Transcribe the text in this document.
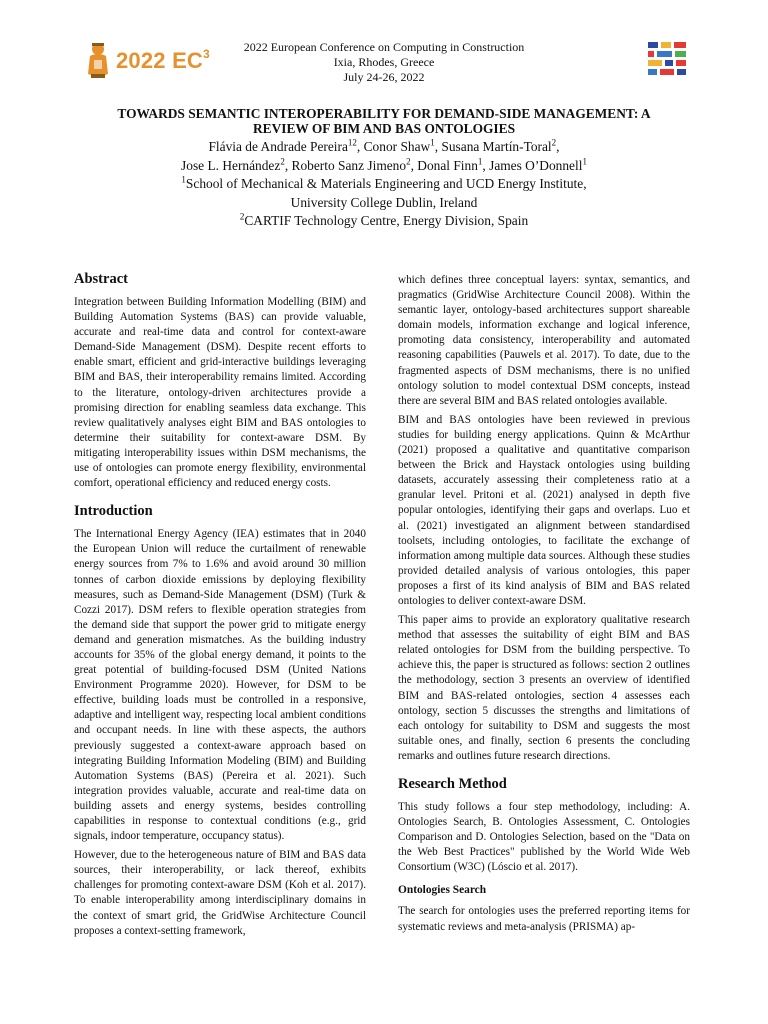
2022 $EC^3$	2022 European Conference on Computing in Construction
Ixia, Rhodes, Greece
July 24-26, 2022
TOWARDS SEMANTIC INTEROPERABILITY FOR DEMAND-SIDE MANAGEMENT: A
REVIEW OF BIM AND BAS ONTOLOGIES
Flávia de Andrade Pereira$^{12}$, Conor Shaw$^1$, Susana Martín-Toral$^2$,
Jose L. Hernández$^2$, Roberto Sanz Jimeno$^2$, Donal Finn$^1$, James O’Donnell$^1$
$^1$School of Mechanical & Materials Engineering and UCD Energy Institute,
University College Dublin, Ireland
$^2$CARTIF Technology Centre, Energy Division, Spain
Abstract

Integration between Building Information Modelling (BIM) and Building Automation Systems (BAS) can provide valuable, accurate and real-time data and control for context-aware Demand-Side Management (DSM). Despite recent efforts to enable smart, efficient and grid-interactive buildings leveraging BIM and BAS, their interoperability remains limited. According to the literature, ontology-driven architectures provide a promising direction for enabling seamless data exchange. This review qualitatively analyses eight BIM and BAS ontologies to determine their suitability for context-aware DSM. By mitigating interoperability issues within DSM mechanisms, the use of ontologies can promote energy flexibility, environmental comfort, operational efficiency and reduced energy costs.

Introduction

The International Energy Agency (IEA) estimates that in 2040 the European Union will reduce the curtailment of renewable energy sources from 7% to 1.6% and avoid around 30 million tonnes of carbon dioxide emissions by deploying flexibility measures, such as Demand-Side Management (DSM) (Turk & Cozzi 2017). DSM refers to flexible operation strategies from the demand side that support the power grid to mitigate energy demand and generation mismatches. As the building industry accounts for 35% of the global energy demand, it points to the great potential of building-focused DSM (United Nations Environment Programme 2020). However, for DSM to be effective, building loads must be controlled in a responsive, adaptive and intelligent way, respecting local ambient conditions and occupant needs. In line with these aspects, the authors previously suggested a context-aware approach based on integrating Building Information Modeling (BIM) and Building Automation Systems (BAS) (Pereira et al. 2021). Such integration provides valuable, accurate and real-time data on building assets and energy systems, besides controlling capabilities in response to contextual conditions (e.g., grid signals, indoor temperature, occupancy status).

However, due to the heterogeneous nature of BIM and BAS data sources, their interoperability, or lack thereof, exhibits challenges for promoting context-aware DSM (Koh et al. 2017). To enable interoperability among interdisciplinary domains in the context of smart grid, the GridWise Architecture Council proposes a context-setting framework,

which defines three conceptual layers: syntax, semantics, and pragmatics (GridWise Architecture Council 2008). Within the semantic layer, ontology-based architectures support shareable domain models, information exchange and logical inference, promoting data consistency, interoperability and automated reasoning capabilities (Pauwels et al. 2017). To date, due to the fragmented aspects of DSM mechanisms, there is no unified ontology solution to model contextual DSM concepts, instead there are several BIM and BAS related ontologies available.

BIM and BAS ontologies have been reviewed in previous studies for building energy applications. Quinn & McArthur (2021) proposed a qualitative and quantitative comparison between the Brick and Haystack ontologies using building datasets, accurately assessing their completeness ratio at a granular level. Pritoni et al. (2021) analysed in depth five popular ontologies, identifying their gaps and overlaps. Luo et al. (2021) investigated an alignment between standardised toolsets, including ontologies, to facilitate the exchange of information among multiple data sources. Although these studies provided detailed analysis of various ontologies, this paper proposes a first of its kind analysis of BIM and BAS related ontologies to deliver context-aware DSM.

This paper aims to provide an exploratory qualitative research method that assesses the suitability of eight BIM and BAS related ontologies for DSM from the building perspective. To achieve this, the paper is structured as follows: section 2 outlines the methodology, section 3 presents an overview of identified BIM and BAS-related ontologies, section 4 assesses each ontology, section 5 discusses the strengths and limitations of each ontology for suitability to DSM and suggests the most suitable ones, and finally, section 6 presents the concluding remarks and outlines future research directions.

Research Method

This study follows a four step methodology, including: A. Ontologies Search, B. Ontologies Assessment, C. Ontologies Comparison and D. Ontologies Selection, based on the "Data on the Web Best Practices" published by the World Wide Web Consortium (W3C) (Lóscio et al. 2017).

Ontologies Search

The search for ontologies uses the preferred reporting items for systematic reviews and meta-analysis (PRISMA) ap-
